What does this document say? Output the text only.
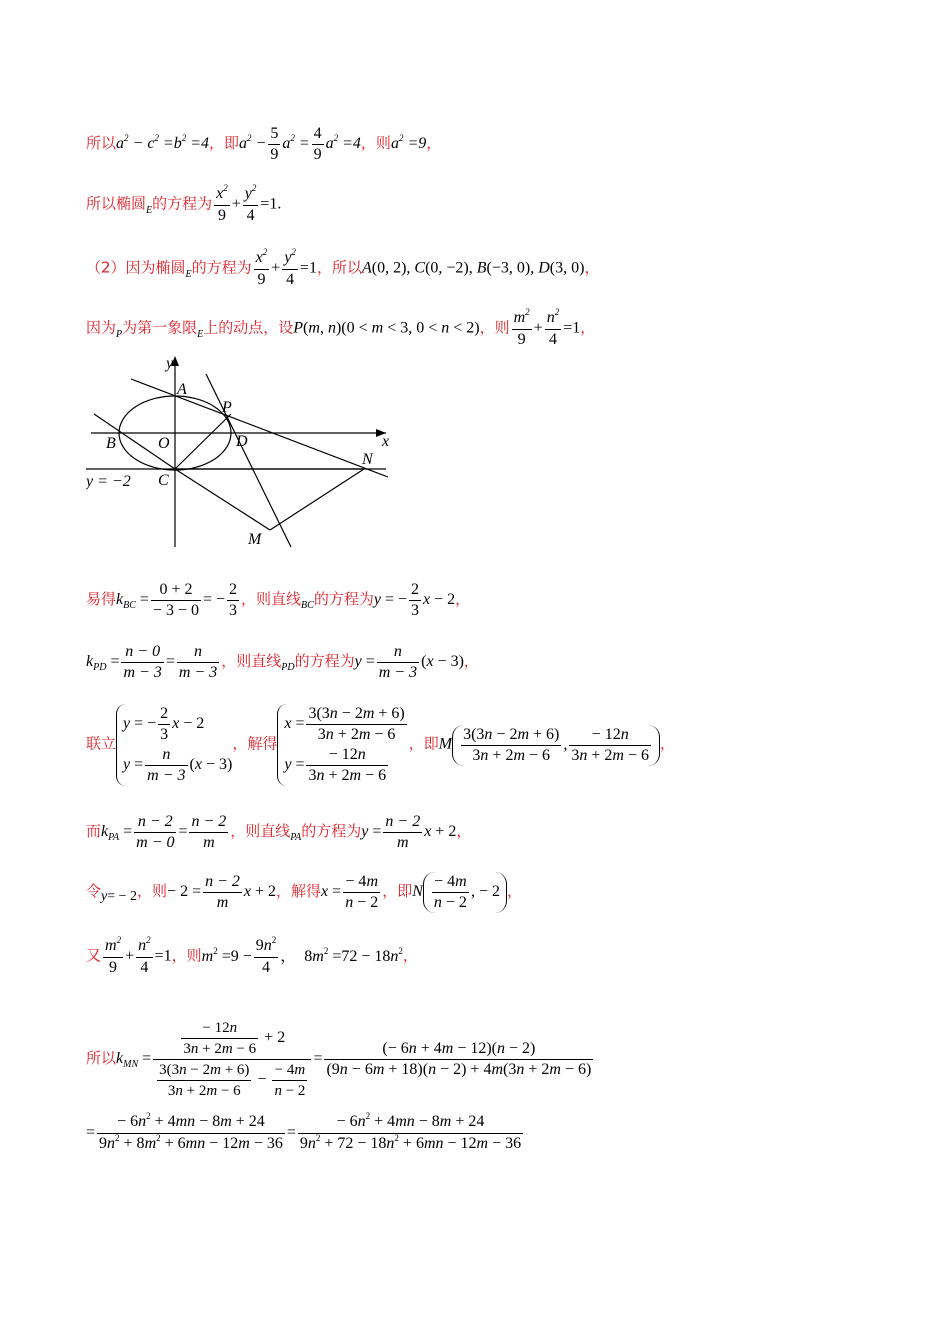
所以$a^2 - c^2 =b^2 =4$，即$a^2 - \frac{5}{9} a^2 = \frac{4}{9} a^2 =4$，则$a^2 =9$，
所以椭圆$_E$的方程为 $\frac{x^2}{9} + \frac{y^2}{4} =1$.
（2）因为椭圆$_E$的方程为 $\frac{x^2}{9} + \frac{y^2}{4} =1$，所以A(0, 2), C(0, −2), B(−3, 0), D(3, 0)，
因为$_P$为第一象限$_E$上的动点，设P(m, n)(0 < m < 3, 0 < n < 2)，则 $\frac{m^2}{9} + \frac{n^2}{4} =1$，
y
A
P
B	O	D	x
N
C
M
y = −2
易得$k_{BC} = \frac{0 + 2}{- 3 - 0}$ = − $\frac{2}{3}$ ，则直线$_{BC}$的方程为y = − $\frac{2}{3}$ x − 2，
$k_{PD} = \frac{n - 0}{m - 3} = \frac{n}{m - 3}$ ，则直线$_{PD}$的方程为$y = \frac{n}{m - 3} (x - 3)$，
联立
y = − $\frac{2}{3}$ x − 2
$y = \frac{n}{m - 3} (x - 3)$
，解得
$x = \frac{3(3n - 2m + 6)}{3n + 2m - 6}$
$y = \frac{- 12n}{3n + 2m - 6}$
，即M $\frac{3(3n - 2m + 6)}{3n + 2m - 6}$ , $\frac{- 12n}{3n + 2m - 6}$ ，
而$k_{PA} = \frac{n - 2}{m - 0} = \frac{n - 2}{m}$ ，则直线$_{PA}$的方程为$y = \frac{n - 2}{m}$ x + 2，
令y= − 2，则− $2 = \frac{n - 2}{m}$ x + 2，解得$x = \frac{- 4m}{n - 2}$ ，即N $\frac{- 4m}{n - 2}$ , − 2 ，
又 $\frac{m^2}{9} + \frac{n^2}{4} =1$，则$m^2 =9 - \frac{9n^2}{4}$ ，  $8m^2 =72 - 18n^2$，
所以$k_{MN} = \frac{\frac{- 12n}{3n + 2m - 6} + 2}{\frac{3(3n - 2m + 6)}{3n + 2m - 6} - \frac{- 4m}{n - 2}} = \frac{(- 6n + 4m - 12)(n - 2)}{(9n - 6m + 18)(n - 2) + 4m(3n + 2m - 6)}$
= $\frac{- 6n^2 + 4mn - 8m + 24}{9n^2 + 8m^2 + 6mn - 12m - 36} = \frac{- 6n^2 + 4mn - 8m + 24}{9n^2 + 72 - 18n^2 + 6mn - 12m - 36}$
